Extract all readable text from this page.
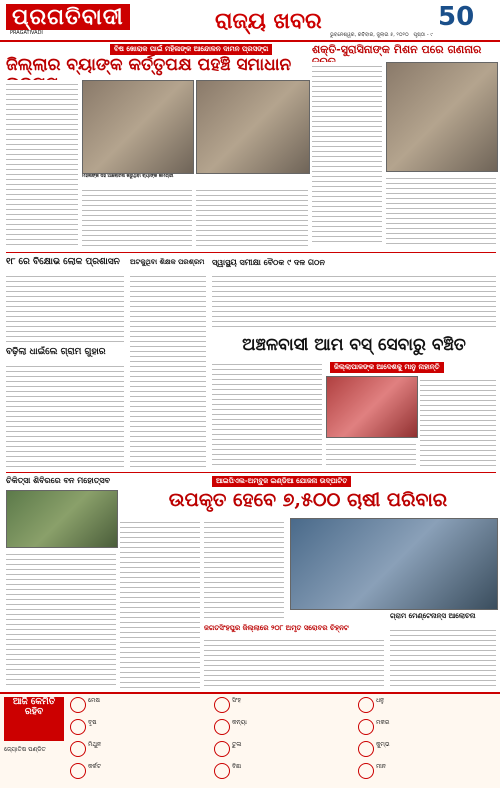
ପ୍ରଗତିବାଦୀ
PRAGATIVADI	ରାଜ୍ୟ ଖବର	50
ଭୁବନେଶ୍ୱର, ରବିବାର, ଜୁଲାଇ ୫, ୨୦୨୦ ପୃଷ୍ଠା - ୯
ବିଷ ଖୋରାକ ପାଇଁ ମହିଳାଙ୍କ ଆନ୍ଦୋଳନ ଦାମନ ପ୍ରସଙ୍ଗ
ଜିଲ୍ଲାର ବ୍ୟାଙ୍କ କର୍ତ୍ତୃପକ୍ଷ ପହଞ୍ଚି ସମାଧାନ
ମହିଳାଙ୍କ ସହ ଆଲୋଚନା କରୁଥିବା ବ୍ୟାଙ୍କ କର୍ମଚାରୀ
ଶକ୍ତି-ସୁରାସିନାଙ୍କ ମିଶନ ପରେ ଗଣନାର
୧୮ ରେ ବିକ୍ଷୋଭ ଲୋକ ପ୍ରଶାସନ
ବଢ଼ିଲା ଧାଇଁଲେ ଗ୍ରାମ ଗୁହାର
ଅଟକୁଥିବା ଶିକ୍ଷକ ପରଶ୍ରମ ସ୍ୱାସ୍ଥ୍ୟ ସମୀକ୍ଷା ବୈଠକ ୯ ଦଳ ଗଠନ
ଅଞ୍ଚଳବାସୀ ଆମ ବସ୍ ସେବାରୁ ବଞ୍ଚିତ
ଜିଲ୍ଲାପାଳଙ୍କ ଆଦେଶକୁ ମାନୁ ନାହାନ୍ତି
ଆଇପିଏଲ-ଅମ୍ବୁଜ ଇଣ୍ଡିଆ ଯୋଜନା ଉଦ୍‌ଘାଟିତ
ଉପକୃତ ହେବେ ୭,୫୦୦ ଚାଷୀ ପରିବାର
ଚିକିତ୍ସା ଶିବିରରେ ବନ ମହୋତ୍ସବ
ଜଗତସିଂହପୁର ଜିଲ୍ଲାରେ ୨୦୮ ଅମୃତ ସରୋବର ଚିହ୍ନଟ
ଗ୍ରାମ ମେଣ୍ଟେନାନ୍ସ ଆଲୋଚନା
ଆଜି କେମିତି ରହିବ
ଜ୍ୟୋତିଷ ପଣ୍ଡିତ
ମେଷ
ବୃଷ
ମିଥୁନ
କର୍କଟ
ସିଂହ
କନ୍ୟା
ତୁଳା
ବିଛା
ଧନୁ
ମକର
କୁମ୍ଭ
ମୀନ
